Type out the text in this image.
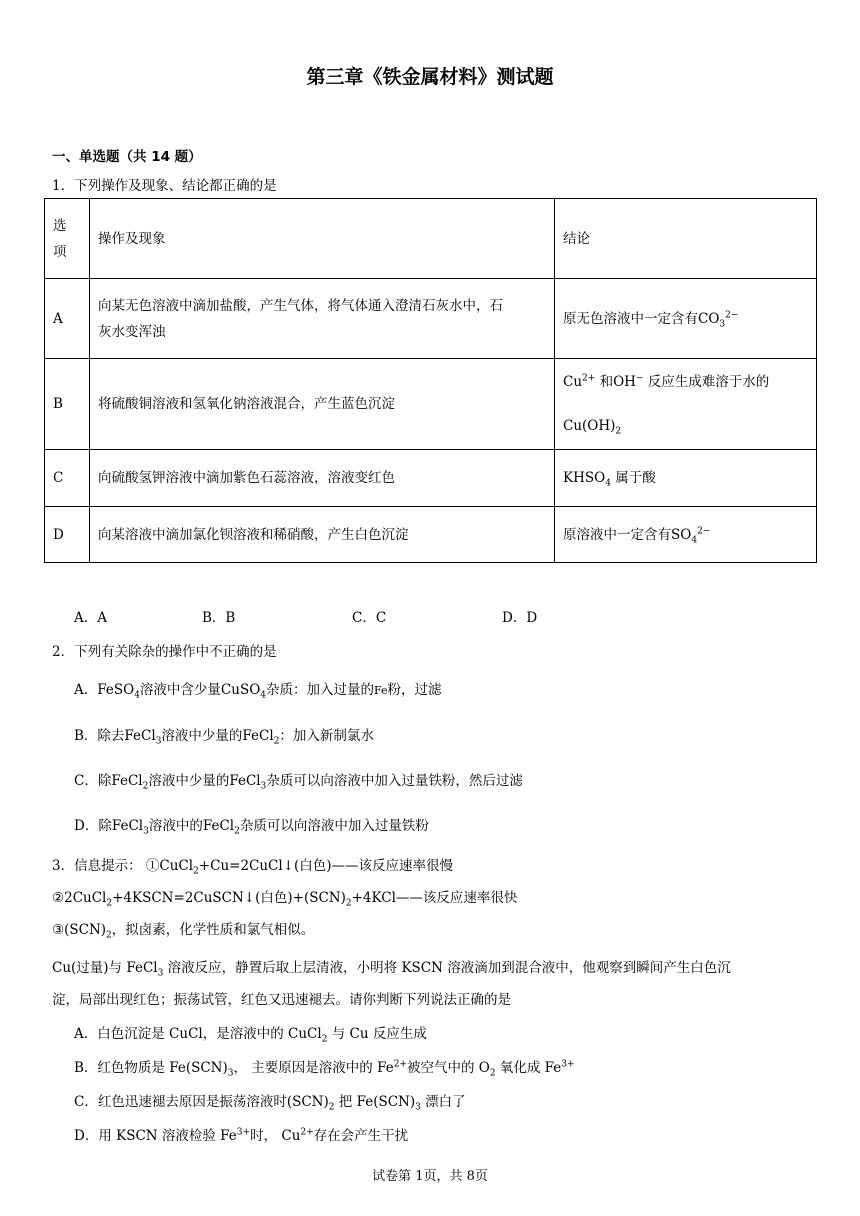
第三章《铁金属材料》测试题
一、单选题（共 14 题）
1．下列操作及现象、结论都正确的是
选项	操作及现象	结论
A	向某无色溶液中滴加盐酸，产生气体，将气体通入澄清石灰水中，石
灰水变浑浊	原无色溶液中一定含有$CO_3^{2-}$
B	将硫酸铜溶液和氢氧化钠溶液混合，产生蓝色沉淀	$Cu^{2+}$ 和OH− 反应生成难溶于水的
$Cu(OH)_2$
C	向硫酸氢钾溶液中滴加紫色石蕊溶液，溶液变红色	$KHSO_4$ 属于酸
D	向某溶液中滴加氯化钡溶液和稀硝酸，产生白色沉淀	原溶液中一定含有$SO_4^{2-}$
A．A	B．B	C．C	D．D
2．下列有关除杂的操作中不正确的是
A．FeSO$_4$溶液中含少量CuSO$_4$杂质：加入过量的Fe粉，过滤
B．除去FeCl$_3$溶液中少量的FeCl$_2$：加入新制氯水
C．除FeCl$_2$溶液中少量的FeCl$_3$杂质可以向溶液中加入过量铁粉，然后过滤
D．除FeCl$_3$溶液中的FeCl$_2$杂质可以向溶液中加入过量铁粉
3．信息提示： ①CuCl$_2$+Cu=2CuCl↓(白色)——该反应速率很慢
②2CuCl$_2$+4KSCN=2CuSCN↓(白色)$+(SCN)_2+4KCl——$该反应速率很快
$③(SCN)_2$，拟卤素，化学性质和氯气相似。
Cu(过量)与 FeCl$_3$ 溶液反应，静置后取上层清液，小明将 KSCN 溶液滴加到混合液中，他观察到瞬间产生白色沉
淀，局部出现红色；振荡试管，红色又迅速褪去。请你判断下列说法正确的是
A．白色沉淀是 CuCl，是溶液中的 CuCl$_2$ 与 Cu 反应生成
B．红色物质是 $Fe(SCN)_3$， 主要原因是溶液中的 $Fe^{2+}$被空气中的 $O_2$ 氧化成 $Fe^{3+}$
C．红色迅速褪去原因是振荡溶液时$(SCN)_2$ 把 $Fe(SCN)_3$ 漂白了
D．用 KSCN 溶液检验 $Fe^{3+}$时， $Cu^{2+}$存在会产生干扰
试卷第 1页，共 8页
